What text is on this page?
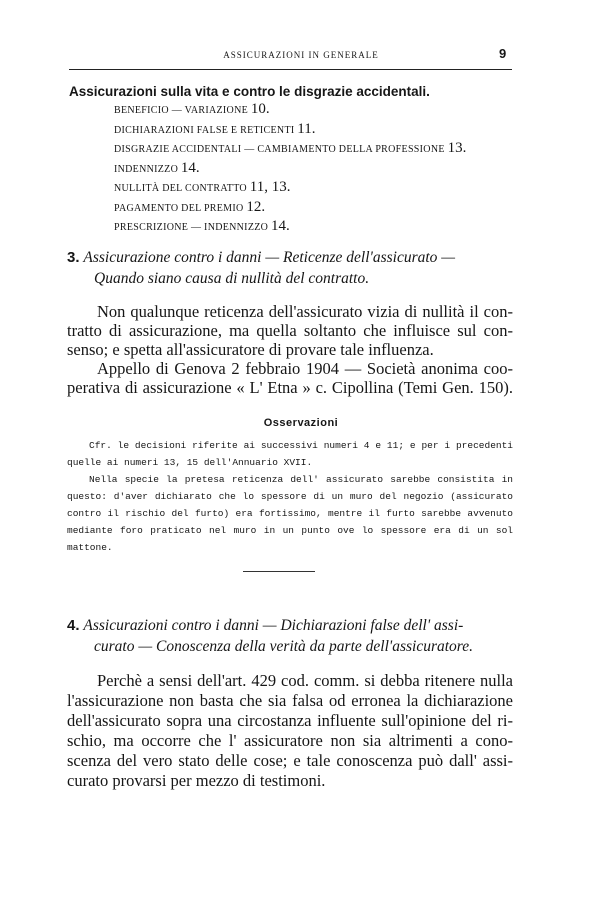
ASSICURAZIONI IN GENERALE	9
Assicurazioni sulla vita e contro le disgrazie accidentali.
BENEFICIO — VARIAZIONE 10.
DICHIARAZIONI FALSE E RETICENTI 11.
DISGRAZIE ACCIDENTALI — CAMBIAMENTO DELLA PROFESSIONE 13.
INDENNIZZO 14.
NULLITÀ DEL CONTRATTO 11, 13.
PAGAMENTO DEL PREMIO 12.
PRESCRIZIONE — INDENNIZZO 14.
3. Assicurazione contro i danni — Reticenze dell'assicurato —
Quando siano causa di nullità del contratto.
Non qualunque reticenza dell'assicurato vizia di nullità il con-
tratto di assicurazione, ma quella soltanto che influisce sul con-
senso; e spetta all'assicuratore di provare tale influenza.
Appello di Genova 2 febbraio 1904 — Società anonima coo-
perativa di assicurazione « L' Etna » c. Cipollina (Temi Gen. 150).
Osservazioni
Cfr. le decisioni riferite ai successivi numeri 4 e 11; e per i precedenti
quelle ai numeri 13, 15 dell'Annuario XVII.
Nella specie la pretesa reticenza dell' assicurato sarebbe consistita in
questo: d'aver dichiarato che lo spessore di un muro del negozio (assicurato
contro il rischio del furto) era fortissimo, mentre il furto sarebbe avvenuto
mediante foro praticato nel muro in un punto ove lo spessore era di un sol
mattone.
4. Assicurazioni contro i danni — Dichiarazioni false dell' assi-
curato — Conoscenza della verità da parte dell'assicuratore.
Perchè a sensi dell'art. 429 cod. comm. si debba ritenere nulla
l'assicurazione non basta che sia falsa od erronea la dichiarazione
dell'assicurato sopra una circostanza influente sull'opinione del ri-
schio, ma occorre che l' assicuratore non sia altrimenti a cono-
scenza del vero stato delle cose; e tale conoscenza può dall' assi-
curato provarsi per mezzo di testimoni.
